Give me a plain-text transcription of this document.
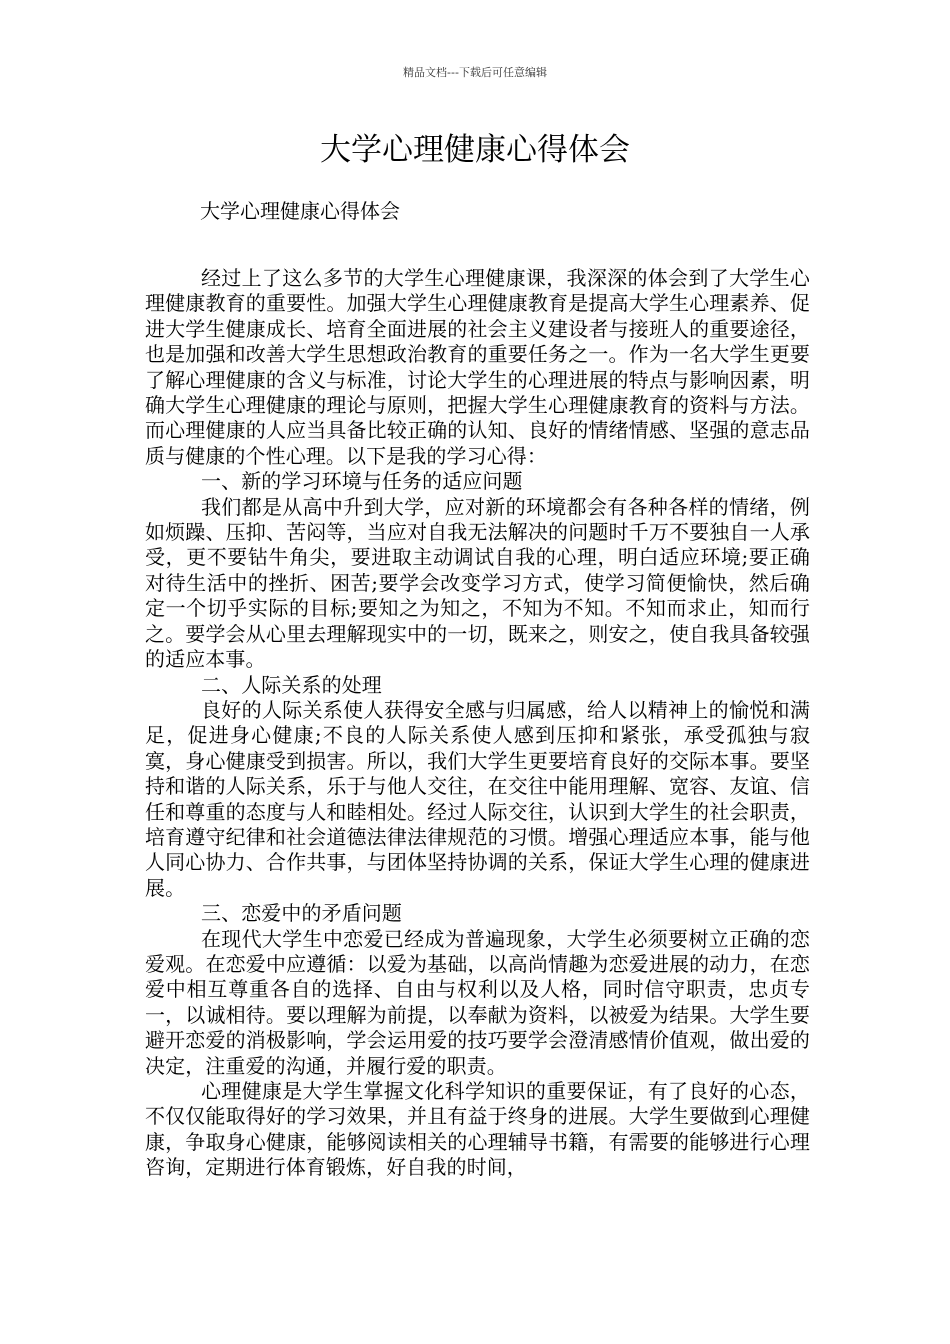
精品文档---下载后可任意编辑
大学心理健康心得体会
大学心理健康心得体会

经过上了这么多节的大学生心理健康课，我深深的体会到了大学生心理健康教育的重要性。加强大学生心理健康教育是提高大学生心理素养、促进大学生健康成长、培育全面进展的社会主义建设者与接班人的重要途径，也是加强和改善大学生思想政治教育的重要任务之一。作为一名大学生更要了解心理健康的含义与标准，讨论大学生的心理进展的特点与影响因素，明确大学生心理健康的理论与原则，把握大学生心理健康教育的资料与方法。而心理健康的人应当具备比较正确的认知、良好的情绪情感、坚强的意志品质与健康的个性心理。以下是我的学习心得：

一、新的学习环境与任务的适应问题

我们都是从高中升到大学，应对新的环境都会有各种各样的情绪，例如烦躁、压抑、苦闷等，当应对自我无法解决的问题时千万不要独自一人承受，更不要钻牛角尖，要进取主动调试自我的心理，明白适应环境;要正确对待生活中的挫折、困苦;要学会改变学习方式，使学习简便愉快，然后确定一个切乎实际的目标;要知之为知之，不知为不知。不知而求止，知而行之。要学会从心里去理解现实中的一切，既来之，则安之，使自我具备较强的适应本事。

二、人际关系的处理

良好的人际关系使人获得安全感与归属感，给人以精神上的愉悦和满足，促进身心健康;不良的人际关系使人感到压抑和紧张，承受孤独与寂寞，身心健康受到损害。所以，我们大学生更要培育良好的交际本事。要坚持和谐的人际关系，乐于与他人交往，在交往中能用理解、宽容、友谊、信任和尊重的态度与人和睦相处。经过人际交往，认识到大学生的社会职责，培育遵守纪律和社会道德法律法律规范的习惯。增强心理适应本事，能与他人同心协力、合作共事，与团体坚持协调的关系，保证大学生心理的健康进展。

三、恋爱中的矛盾问题

在现代大学生中恋爱已经成为普遍现象，大学生必须要树立正确的恋爱观。在恋爱中应遵循：以爱为基础，以高尚情趣为恋爱进展的动力，在恋爱中相互尊重各自的选择、自由与权利以及人格，同时信守职责，忠贞专一，以诚相待。要以理解为前提，以奉献为资料，以被爱为结果。大学生要避开恋爱的消极影响，学会运用爱的技巧要学会澄清感情价值观，做出爱的决定，注重爱的沟通，并履行爱的职责。

心理健康是大学生掌握文化科学知识的重要保证，有了良好的心态，不仅仅能取得好的学习效果，并且有益于终身的进展。大学生要做到心理健康，争取身心健康，能够阅读相关的心理辅导书籍，有需要的能够进行心理咨询，定期进行体育锻炼，好自我的时间，
